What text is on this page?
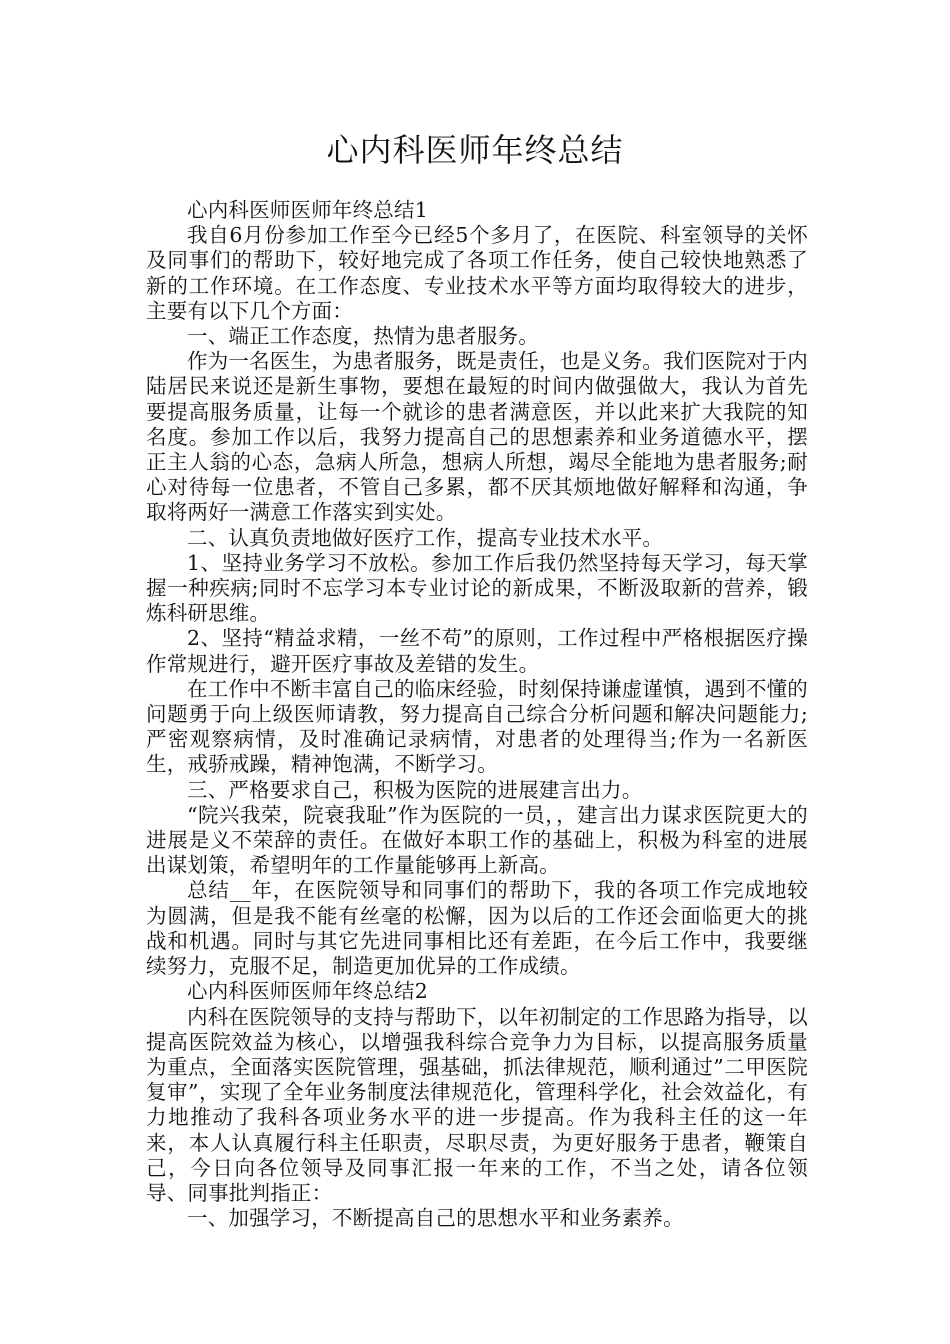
心内科医师年终总结

心内科医师医师年终总结1

我自6月份参加工作至今已经5个多月了，在医院、科室领导的关怀及同事们的帮助下，较好地完成了各项工作任务，使自己较快地熟悉了新的工作环境。在工作态度、专业技术水平等方面均取得较大的进步，主要有以下几个方面：

一、端正工作态度，热情为患者服务。

作为一名医生，为患者服务，既是责任，也是义务。我们医院对于内陆居民来说还是新生事物，要想在最短的时间内做强做大，我认为首先要提高服务质量，让每一个就诊的患者满意医，并以此来扩大我院的知名度。参加工作以后，我努力提高自己的思想素养和业务道德水平，摆正主人翁的心态，急病人所急，想病人所想，竭尽全能地为患者服务;耐心对待每一位患者，不管自己多累，都不厌其烦地做好解释和沟通，争取将两好一满意工作落实到实处。

二、认真负责地做好医疗工作，提高专业技术水平。

1、坚持业务学习不放松。参加工作后我仍然坚持每天学习，每天掌握一种疾病;同时不忘学习本专业讨论的新成果，不断汲取新的营养，锻炼科研思维。

2、坚持“精益求精，一丝不苟”的原则，工作过程中严格根据医疗操作常规进行，避开医疗事故及差错的发生。

在工作中不断丰富自己的临床经验，时刻保持谦虚谨慎，遇到不懂的问题勇于向上级医师请教，努力提高自己综合分析问题和解决问题能力;严密观察病情，及时准确记录病情，对患者的处理得当;作为一名新医生，戒骄戒躁，精神饱满，不断学习。

三、严格要求自己，积极为医院的进展建言出力。

“院兴我荣，院衰我耻”作为医院的一员，，建言出力谋求医院更大的进展是义不荣辞的责任。在做好本职工作的基础上，积极为科室的进展出谋划策，希望明年的工作量能够再上新高。

总结__年，在医院领导和同事们的帮助下，我的各项工作完成地较为圆满，但是我不能有丝毫的松懈，因为以后的工作还会面临更大的挑战和机遇。同时与其它先进同事相比还有差距，在今后工作中，我要继续努力，克服不足，制造更加优异的工作成绩。

心内科医师医师年终总结2

内科在医院领导的支持与帮助下，以年初制定的工作思路为指导，以提高医院效益为核心，以增强我科综合竞争力为目标，以提高服务质量为重点，全面落实医院管理，强基础，抓法律规范，顺利通过”二甲医院复审”，实现了全年业务制度法律规范化，管理科学化，社会效益化，有力地推动了我科各项业务水平的进一步提高。作为我科主任的这一年来，本人认真履行科主任职责，尽职尽责，为更好服务于患者，鞭策自己，今日向各位领导及同事汇报一年来的工作，不当之处，请各位领导、同事批判指正：

一、加强学习，不断提高自己的思想水平和业务素养。
